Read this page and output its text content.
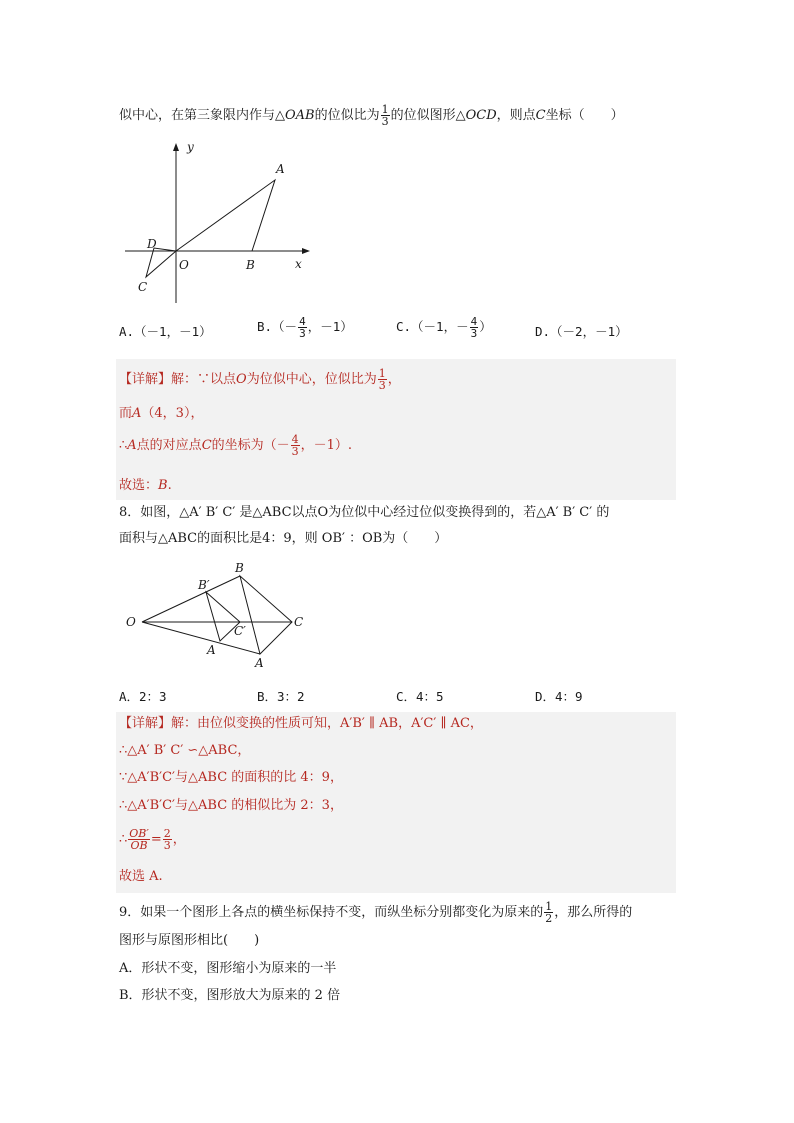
似中心，在第三象限内作与△OAB的位似比为 $\frac{1}{3}$ 的位似图形△OCD，则点C坐标（　　）
y
x
A
D
O	B
C
A.（－1，－1）	$B.(- \frac{4}{3}$ ，－1）	C.（－1，－ $\frac{4}{3}$ ）	D.（－2，－1）
【详解】解：∵以点O为位似中心，位似比为 $\frac{1}{3}$ ，
而A（4，3），
∴A点的对应点C的坐标为（－ $\frac{4}{3}$ ，－1）.
故选：B.
8．如图，△A′ B′ C′ 是△ABC以点O为位似中心经过位似变换得到的，若△A′ B′ C′ 的
面积与△ABC的面积比是4：9，则 OB′ ：OB为（　　）
O
B′
B
C′
C
A
A
A．2：3	B．3：2	C．4：5	D．4：9
【详解】解：由位似变换的性质可知，A′B′ ∥ AB，A′C′ ∥ AC，
∴△A′ B′ C′ ∽△ABC，
∵△A′B′C′与△ABC 的面积的比 4：9，
∴△A′B′C′与△ABC 的相似比为 2：3，
∴ $\frac{OB'}{OB} = \frac{2}{3}$ ，
故选 A.
9．如果一个图形上各点的横坐标保持不变，而纵坐标分别都变化为原来的 $\frac{1}{2}$ ，那么所得的
图形与原图形相比(　　)
A．形状不变，图形缩小为原来的一半
B．形状不变，图形放大为原来的 2 倍
